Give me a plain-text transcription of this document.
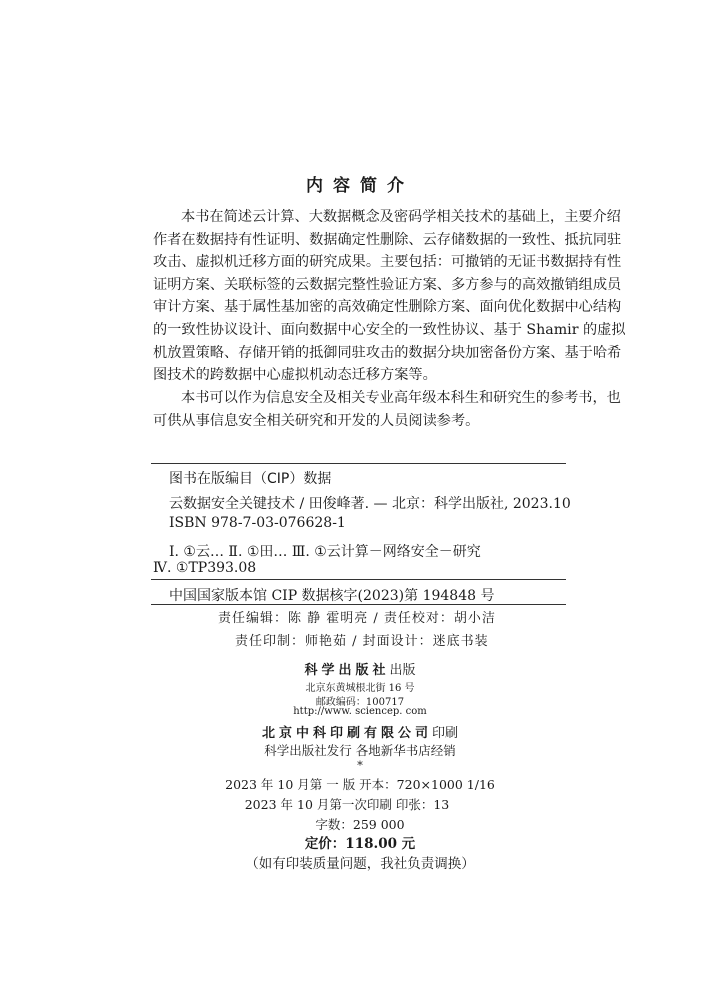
内容简介
本书在简述云计算、大数据概念及密码学相关技术的基础上，主要介绍
作者在数据持有性证明、数据确定性删除、云存储数据的一致性、抵抗同驻
攻击、虚拟机迁移方面的研究成果。主要包括：可撤销的无证书数据持有性
证明方案、关联标签的云数据完整性验证方案、多方参与的高效撤销组成员
审计方案、基于属性基加密的高效确定性删除方案、面向优化数据中心结构
的一致性协议设计、面向数据中心安全的一致性协议、基于 Shamir 的虚拟
机放置策略、存储开销的抵御同驻攻击的数据分块加密备份方案、基于哈希
图技术的跨数据中心虚拟机动态迁移方案等。
本书可以作为信息安全及相关专业高年级本科生和研究生的参考书，也
可供从事信息安全相关研究和开发的人员阅读参考。
图书在版编目（CIP）数据
云数据安全关键技术 / 田俊峰著. — 北京：科学出版社, 2023.10
ISBN 978-7-03-076628-1
Ⅰ. ①云… Ⅱ. ①田… Ⅲ. ①云计算－网络安全－研究
Ⅳ. ①TP393.08
中国国家版本馆 CIP 数据核字(2023)第 194848 号
责任编辑：陈 静 霍明亮 / 责任校对：胡小洁
责任印制：师艳茹 / 封面设计：迷底书装
科学出版社出版
北京东黄城根北街 16 号
邮政编码：100717
http://www. sciencep. com
北京中科印刷有限公司印刷
科学出版社发行 各地新华书店经销
*
2023 年 10 月第 一 版 开本：720×1000 1/16
2023 年 10 月第一次印刷 印张：13
字数：259 000
定价：118.00 元
（如有印装质量问题，我社负责调换）
